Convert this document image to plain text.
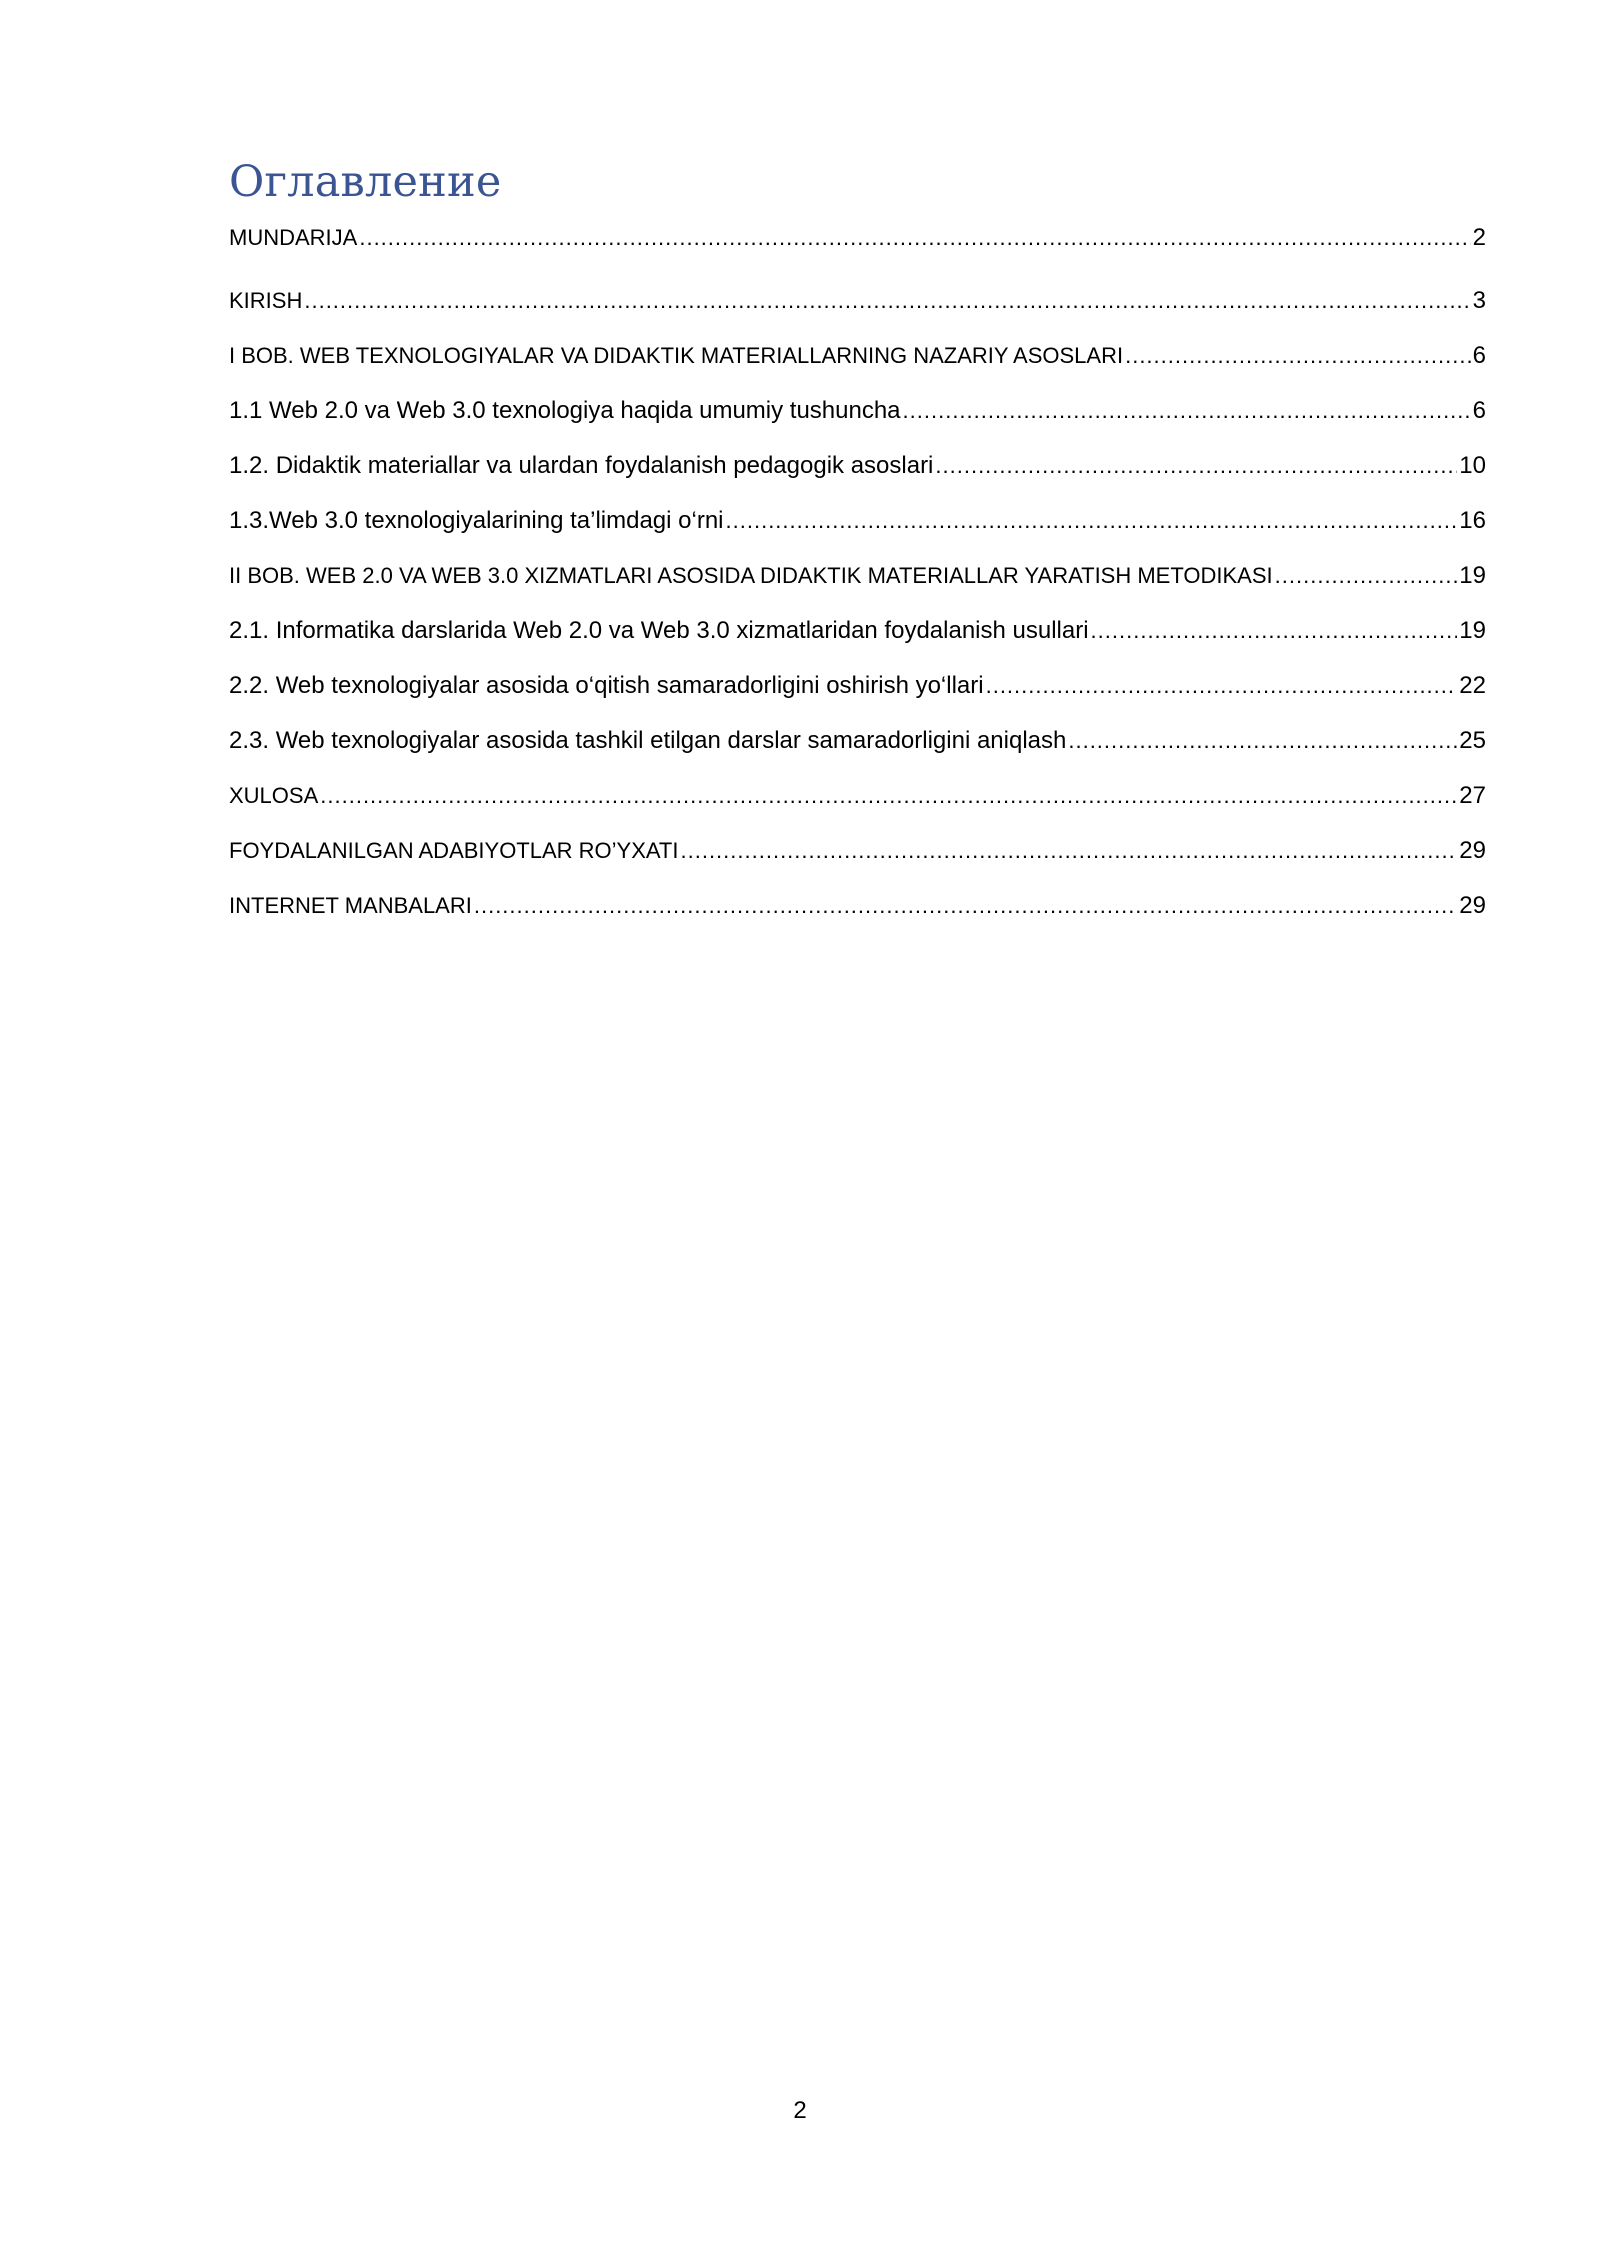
Оглавление
MUNDARIJA .....	2
KIRISH .....	3
I BOB. WEB TEXNOLOGIYALAR VA DIDAKTIK MATERIALLARNING NAZARIY ASOSLARI .....	6
1.1 Web 2.0 va Web 3.0 texnologiya haqida umumiy tushuncha .....	6
1.2. Didaktik materiallar va ulardan foydalanish pedagogik asoslari .....	10
1.3.Web 3.0 texnologiyalarining ta’limdagi o‘rni .....	16
II BOB. WEB 2.0 VA WEB 3.0 XIZMATLARI ASOSIDA DIDAKTIK MATERIALLAR YARATISH METODIKASI .....	19
2.1. Informatika darslarida Web 2.0 va Web 3.0 xizmatlaridan foydalanish usullari .....	19
2.2. Web texnologiyalar asosida o‘qitish samaradorligini oshirish yo‘llari .....	22
2.3. Web texnologiyalar asosida tashkil etilgan darslar samaradorligini aniqlash .....	25
XULOSA .....	27
FOYDALANILGAN ADABIYOTLAR RO’YXATI .....	29
INTERNET MANBALARI .....	29
2
